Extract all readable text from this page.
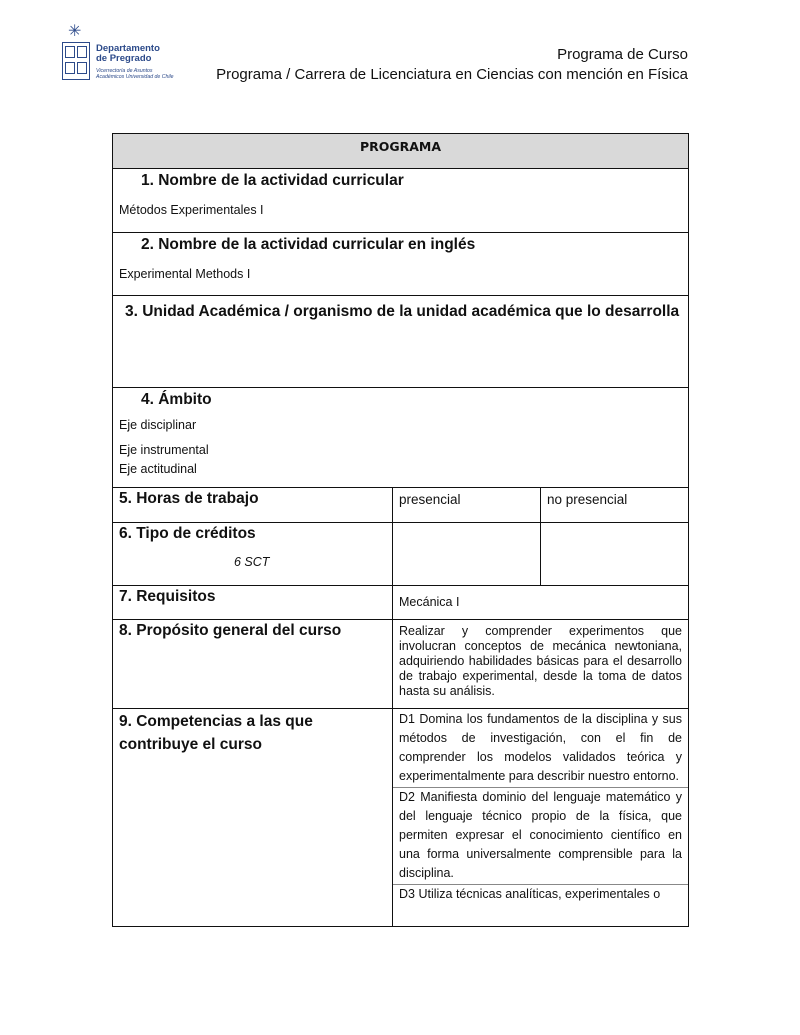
✳
Departamento
de Pregrado
Vicerrectoría de Asuntos Académicos Universidad de Chile
Programa de Curso
Programa / Carrera de Licenciatura en Ciencias con mención en Física
PROGRAMA
1. Nombre de la actividad curricular
Métodos Experimentales I
2. Nombre de la actividad curricular en inglés
Experimental Methods I
3. Unidad Académica / organismo de la unidad académica que lo desarrolla
4. Ámbito
Eje disciplinar
Eje instrumental
Eje actitudinal
5. Horas de trabajo	presencial	no presencial
6. Tipo de créditos
6 SCT
7. Requisitos	Mecánica I
8. Propósito general del curso	Realizar y comprender experimentos que involucran conceptos de mecánica newtoniana, adquiriendo habilidades básicas para el desarrollo de trabajo experimental, desde la toma de datos hasta su análisis.
9. Competencias a las que contribuye el curso

D1 Domina los fundamentos de la disciplina y sus métodos de investigación, con el fin de comprender los modelos validados teórica y experimentalmente para describir nuestro entorno.

D2 Manifiesta dominio del lenguaje matemático y del lenguaje técnico propio de la física, que permiten expresar el conocimiento científico en una forma universalmente comprensible para la disciplina.

D3 Utiliza técnicas analíticas, experimentales o
